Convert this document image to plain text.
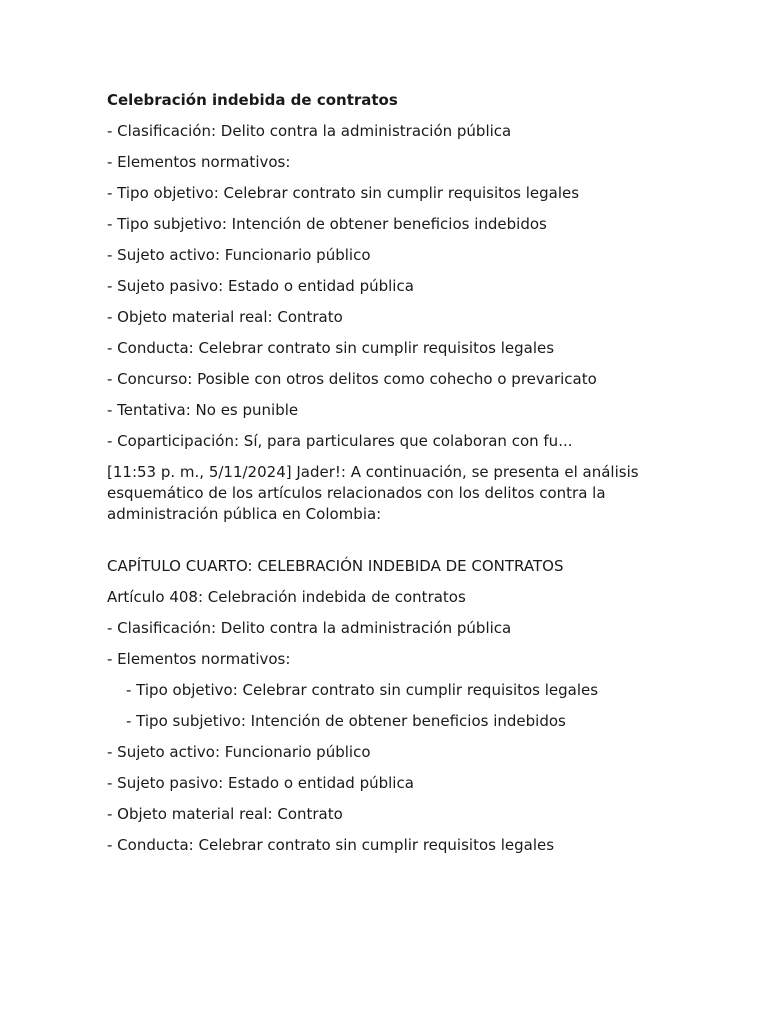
Celebración indebida de contratos
- Clasificación: Delito contra la administración pública
- Elementos normativos:
- Tipo objetivo: Celebrar contrato sin cumplir requisitos legales
- Tipo subjetivo: Intención de obtener beneficios indebidos
- Sujeto activo: Funcionario público
- Sujeto pasivo: Estado o entidad pública
- Objeto material real: Contrato
- Conducta: Celebrar contrato sin cumplir requisitos legales
- Concurso: Posible con otros delitos como cohecho o prevaricato
- Tentativa: No es punible
- Coparticipación: Sí, para particulares que colaboran con fu...
[11:53 p. m., 5/11/2024] Jader!: A continuación, se presenta el análisis esquemático de los artículos relacionados con los delitos contra la administración pública en Colombia:
CAPÍTULO CUARTO: CELEBRACIÓN INDEBIDA DE CONTRATOS
Artículo 408: Celebración indebida de contratos
- Clasificación: Delito contra la administración pública
- Elementos normativos:
- Tipo objetivo: Celebrar contrato sin cumplir requisitos legales
- Tipo subjetivo: Intención de obtener beneficios indebidos
- Sujeto activo: Funcionario público
- Sujeto pasivo: Estado o entidad pública
- Objeto material real: Contrato
- Conducta: Celebrar contrato sin cumplir requisitos legales
